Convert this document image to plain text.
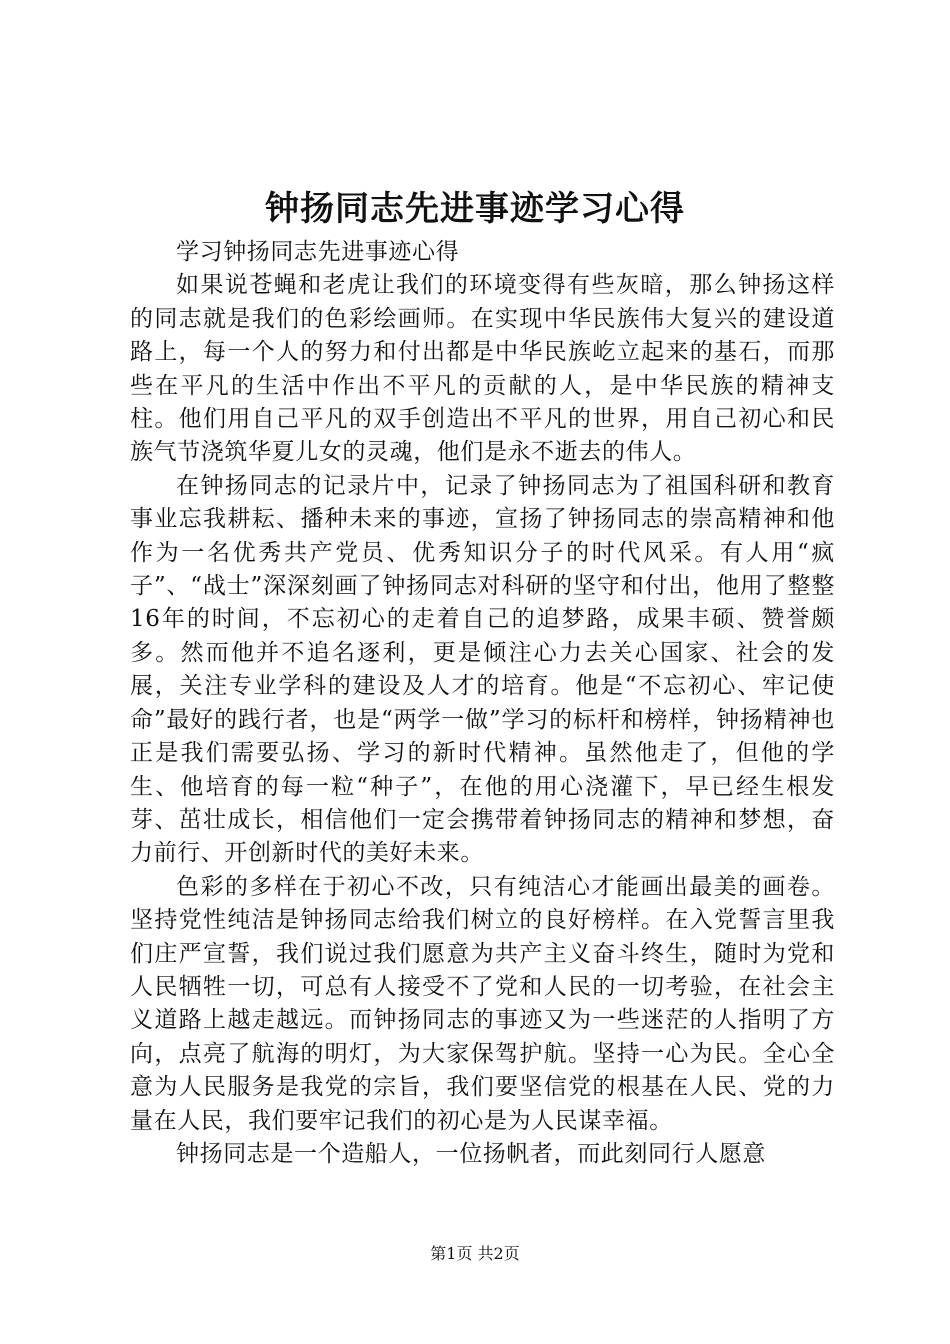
钟扬同志先进事迹学习心得

学习钟扬同志先进事迹心得

如果说苍蝇和老虎让我们的环境变得有些灰暗，那么钟扬这样的同志就是我们的色彩绘画师。在实现中华民族伟大复兴的建设道路上，每一个人的努力和付出都是中华民族屹立起来的基石，而那些在平凡的生活中作出不平凡的贡献的人，是中华民族的精神支柱。他们用自己平凡的双手创造出不平凡的世界，用自己初心和民族气节浇筑华夏儿女的灵魂，他们是永不逝去的伟人。

在钟扬同志的记录片中，记录了钟扬同志为了祖国科研和教育事业忘我耕耘、播种未来的事迹，宣扬了钟扬同志的崇高精神和他作为一名优秀共产党员、优秀知识分子的时代风采。有人用“疯子”、“战士”深深刻画了钟扬同志对科研的坚守和付出，他用了整整16年的时间，不忘初心的走着自己的追梦路，成果丰硕、赞誉颇多。然而他并不追名逐利，更是倾注心力去关心国家、社会的发展，关注专业学科的建设及人才的培育。他是“不忘初心、牢记使命”最好的践行者，也是“两学一做”学习的标杆和榜样，钟扬精神也正是我们需要弘扬、学习的新时代精神。虽然他走了，但他的学生、他培育的每一粒“种子”，在他的用心浇灌下，早已经生根发芽、茁壮成长，相信他们一定会携带着钟扬同志的精神和梦想，奋力前行、开创新时代的美好未来。

色彩的多样在于初心不改，只有纯洁心才能画出最美的画卷。坚持党性纯洁是钟扬同志给我们树立的良好榜样。在入党誓言里我们庄严宣誓，我们说过我们愿意为共产主义奋斗终生，随时为党和人民牺牲一切，可总有人接受不了党和人民的一切考验，在社会主义道路上越走越远。而钟扬同志的事迹又为一些迷茫的人指明了方向，点亮了航海的明灯，为大家保驾护航。坚持一心为民。全心全意为人民服务是我党的宗旨，我们要坚信党的根基在人民、党的力量在人民，我们要牢记我们的初心是为人民谋幸福。

钟扬同志是一个造船人，一位扬帆者，而此刻同行人愿意

第1页 共2页
